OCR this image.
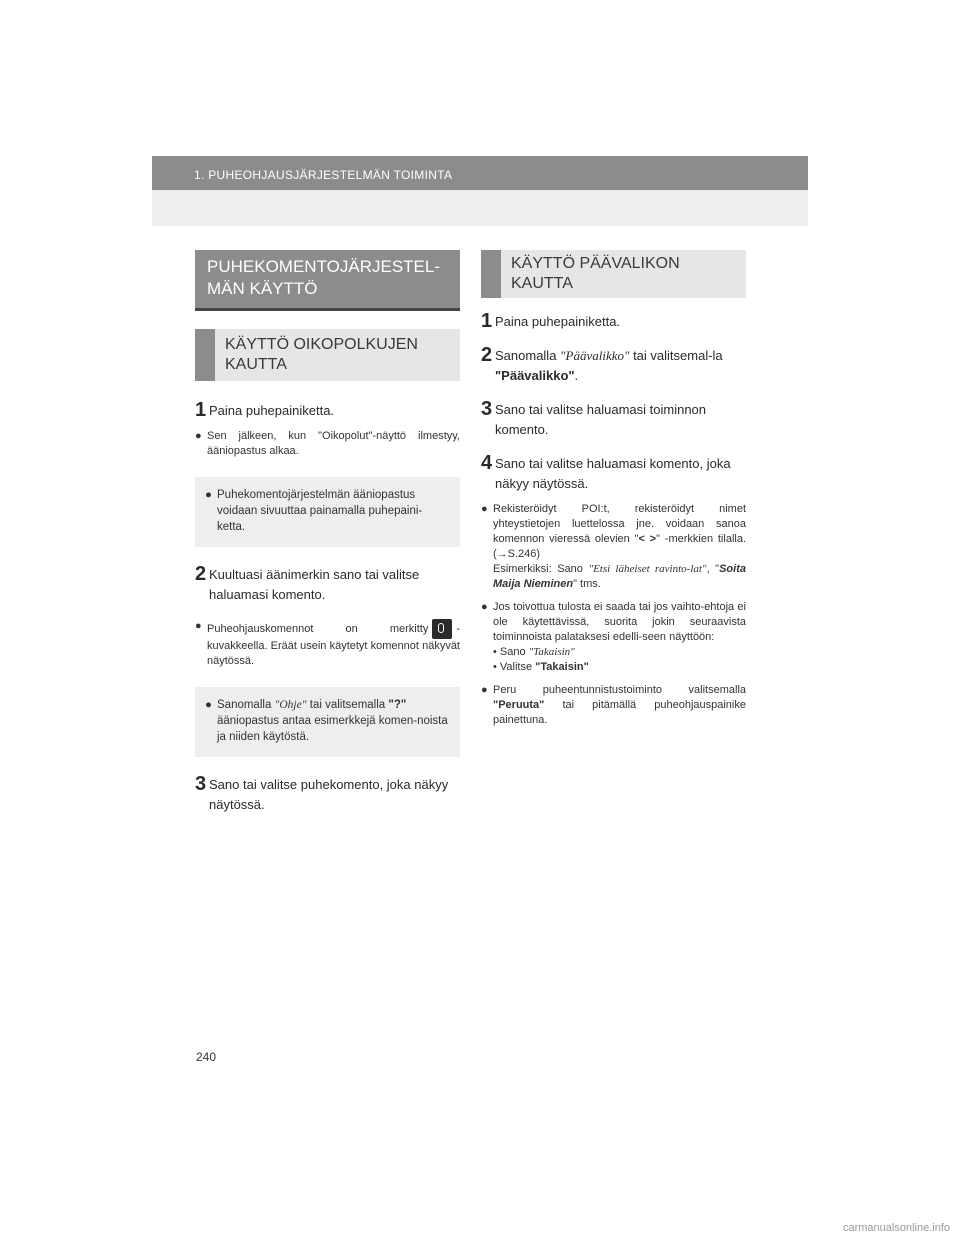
1. PUHEOHJAUSJÄRJESTELMÄN TOIMINTA
PUHEKOMENTOJÄRJESTEL-
MÄN KÄYTTÖ
KÄYTTÖ OIKOPOLKUJEN
KAUTTA
1 Paina puhepainiketta.
● Sen jälkeen, kun "Oikopolut"-näyttö ilmestyy, ääniopastus alkaa.
● Puhekomentojärjestelmän ääniopastus voidaan sivuuttaa painamalla puhepaini-ketta.
2 Kuultuasi äänimerkin sano tai valitse haluamasi komento.
● Puheohjauskomennot on merkitty	-kuvakkeella. Eräät usein käytetyt komennot näkyvät näytössä.
● Sanomalla "Ohje" tai valitsemalla "?" ääniopastus antaa esimerkkejä komen-noista ja niiden käytöstä.
3 Sano tai valitse puhekomento, joka näkyy näytössä.
KÄYTTÖ PÄÄVALIKON
KAUTTA
1 Paina puhepainiketta.
2 Sanomalla "Päävalikko" tai valitsemal-la "Päävalikko".
3 Sano tai valitse haluamasi toiminnon komento.
4 Sano tai valitse haluamasi komento, joka näkyy näytössä.
● Rekisteröidyt POI:t, rekisteröidyt nimet yhteystietojen luettelossa jne. voidaan sanoa komennon vieressä olevien "< >" -merkkien tilalla. (→S.246)
Esimerkiksi: Sano "Etsi läheiset ravinto-lat", "Soita Maija Nieminen" tms.
● Jos toivottua tulosta ei saada tai jos vaihto-ehtoja ei ole käytettävissä, suorita jokin seuraavista toiminnoista palataksesi edelli-seen näyttöön:
• Sano "Takaisin"
• Valitse "Takaisin"
● Peru puheentunnistustoiminto valitsemalla "Peruuta" tai pitämällä puheohjauspainike painettuna.
240
carmanualsonline.info
